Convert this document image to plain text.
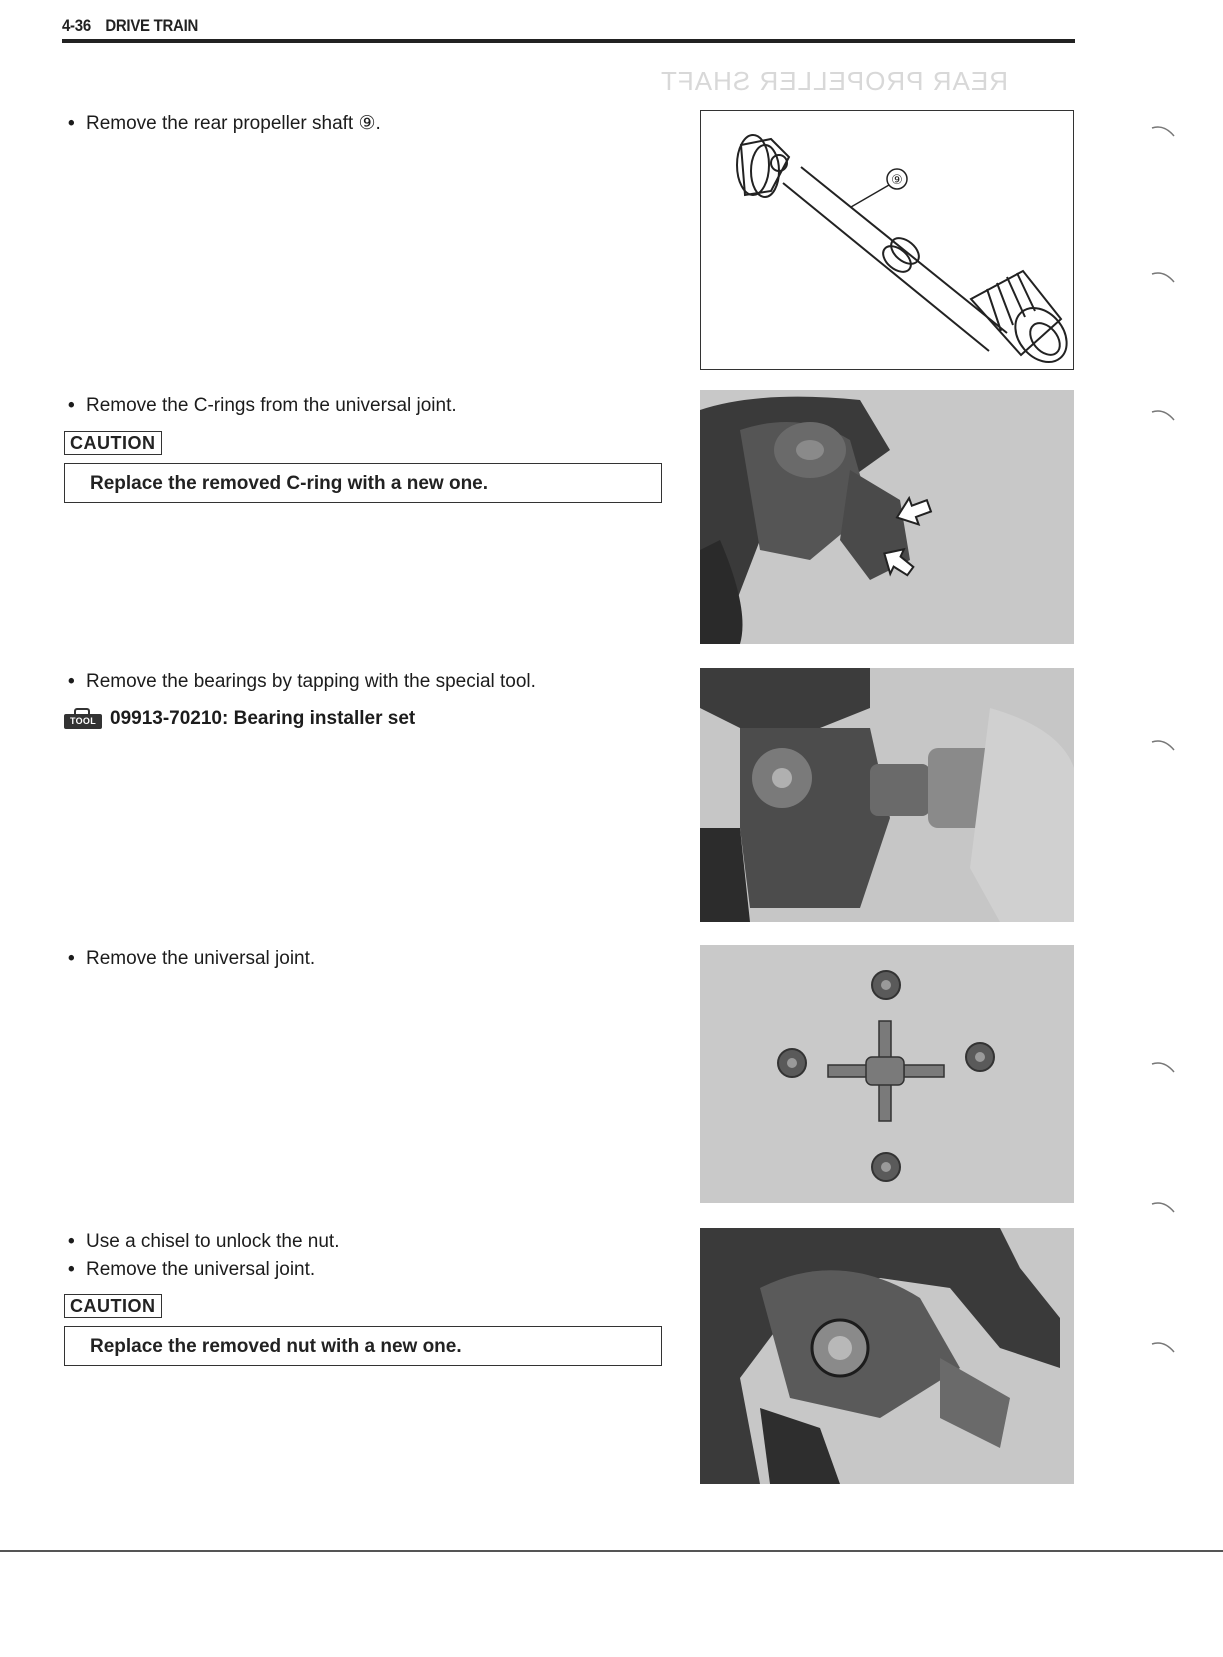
4-36 DRIVE TRAIN
REAR PROPELLER SHAFT
• Remove the rear propeller shaft ⑨.
⑨
• Remove the C-rings from the universal joint.
CAUTION
Replace the removed C-ring with a new one.
• Remove the bearings by tapping with the special tool.
TOOL 09913-70210: Bearing installer set
• Remove the universal joint.
• Use a chisel to unlock the nut.
• Remove the universal joint.
CAUTION
Replace the removed nut with a new one.
